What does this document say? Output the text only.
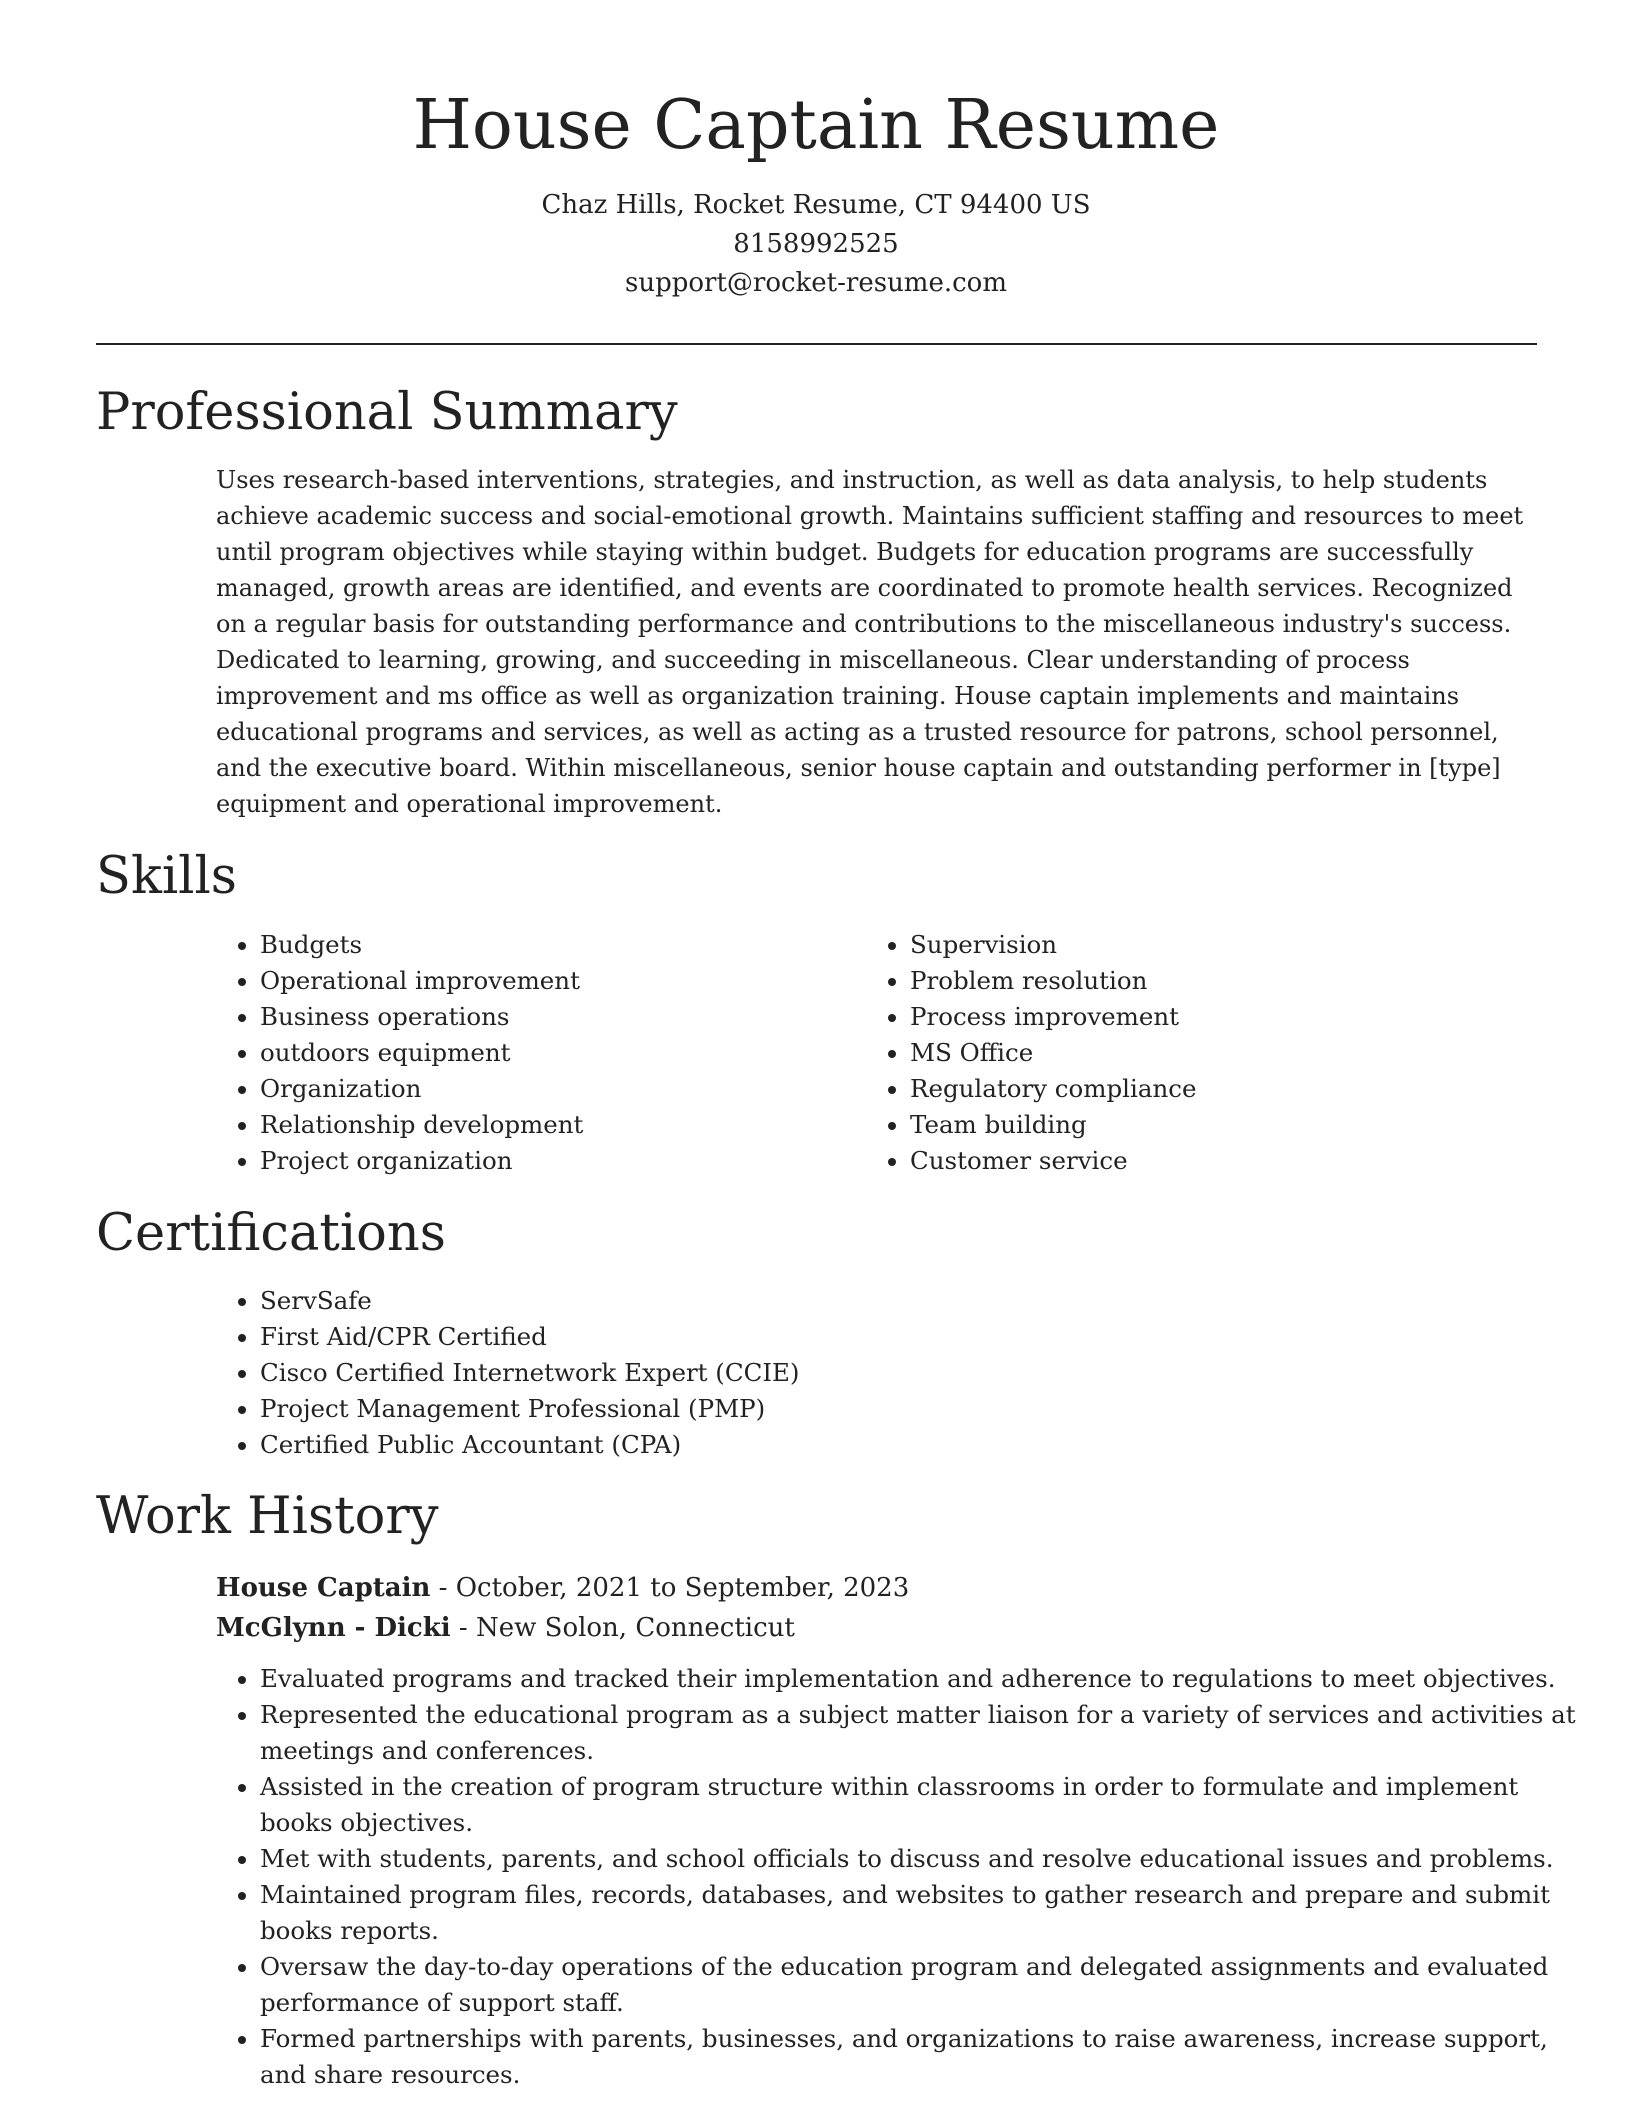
House Captain Resume
Chaz Hills, Rocket Resume, CT 94400 US
8158992525
support@rocket-resume.com
Professional Summary

Uses research-based interventions, strategies, and instruction, as well as data analysis, to help students achieve academic success and social-emotional growth. Maintains sufficient staffing and resources to meet until program objectives while staying within budget. Budgets for education programs are successfully managed, growth areas are identified, and events are coordinated to promote health services. Recognized on a regular basis for outstanding performance and contributions to the miscellaneous industry's success. Dedicated to learning, growing, and succeeding in miscellaneous. Clear understanding of process improvement and ms office as well as organization training. House captain implements and maintains educational programs and services, as well as acting as a trusted resource for patrons, school personnel, and the executive board. Within miscellaneous, senior house captain and outstanding performer in [type] equipment and operational improvement.

Skills
• Budgets
• Operational improvement
• Business operations
• outdoors equipment
• Organization
• Relationship development
• Project organization
• Supervision
• Problem resolution
• Process improvement
• MS Office
• Regulatory compliance
• Team building
• Customer service
Certifications
• ServSafe
• First Aid/CPR Certified
• Cisco Certified Internetwork Expert (CCIE)
• Project Management Professional (PMP)
• Certified Public Accountant (CPA)
Work History
House Captain - October, 2021 to September, 2023
McGlynn - Dicki - New Solon, Connecticut
• Evaluated programs and tracked their implementation and adherence to regulations to meet objectives.
• Represented the educational program as a subject matter liaison for a variety of services and activities at meetings and conferences.
• Assisted in the creation of program structure within classrooms in order to formulate and implement books objectives.
• Met with students, parents, and school officials to discuss and resolve educational issues and problems.
• Maintained program files, records, databases, and websites to gather research and prepare and submit books reports.
• Oversaw the day-to-day operations of the education program and delegated assignments and evaluated performance of support staff.
• Formed partnerships with parents, businesses, and organizations to raise awareness, increase support, and share resources.
